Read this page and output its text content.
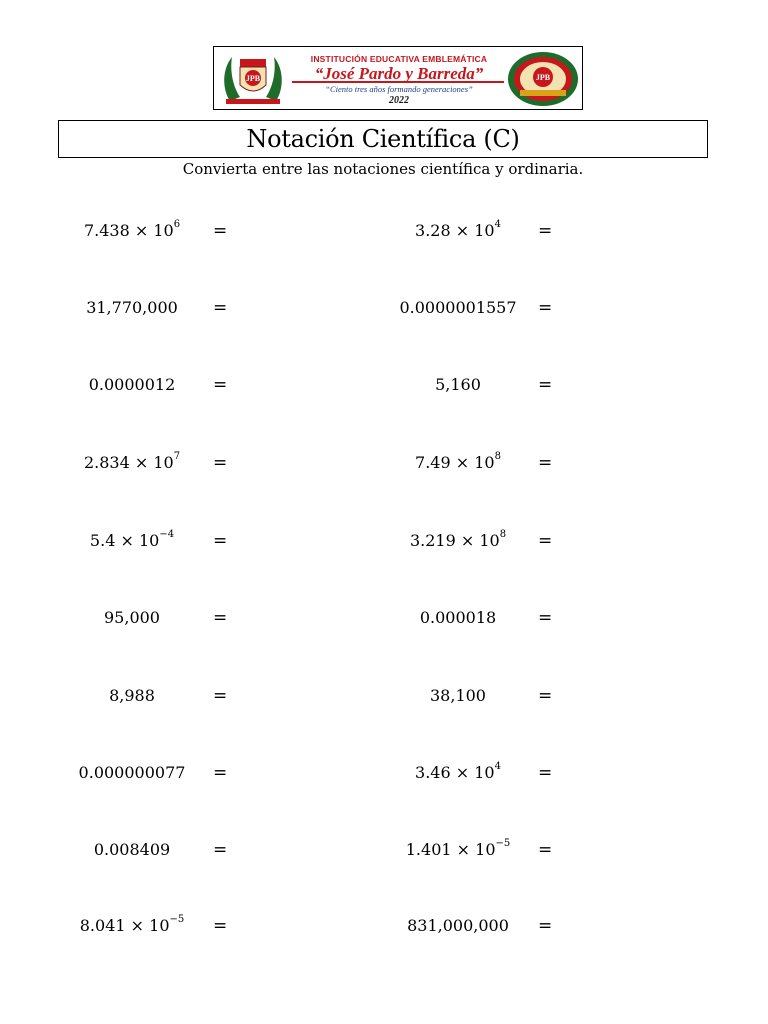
JPB
INSTITUCIÓN EDUCATIVA EMBLEMÁTICA
“José Pardo y Barreda”
“Ciento tres años formando generaciones”
2022
JPB
Notación Científica (C)
Convierta entre las notaciones científica y ordinaria.
$7.438 \times 10^6$	=	$3.28 \times 10^4$	=
31,770,000	=	0.0000001557	=
0.0000012	=	5,160	=
$2.834 \times 10^7$	=	$7.49 \times 10^8$	=
$5.4 \times 10^{-4}$	=	$3.219 \times 10^8$	=
95,000	=	0.000018	=
8,988	=	38,100	=
0.000000077	=	$3.46 \times 10^4$	=
0.008409	=	$1.401 \times 10^{-5}$	=
$8.041 \times 10^{-5}$	=	831,000,000	=
